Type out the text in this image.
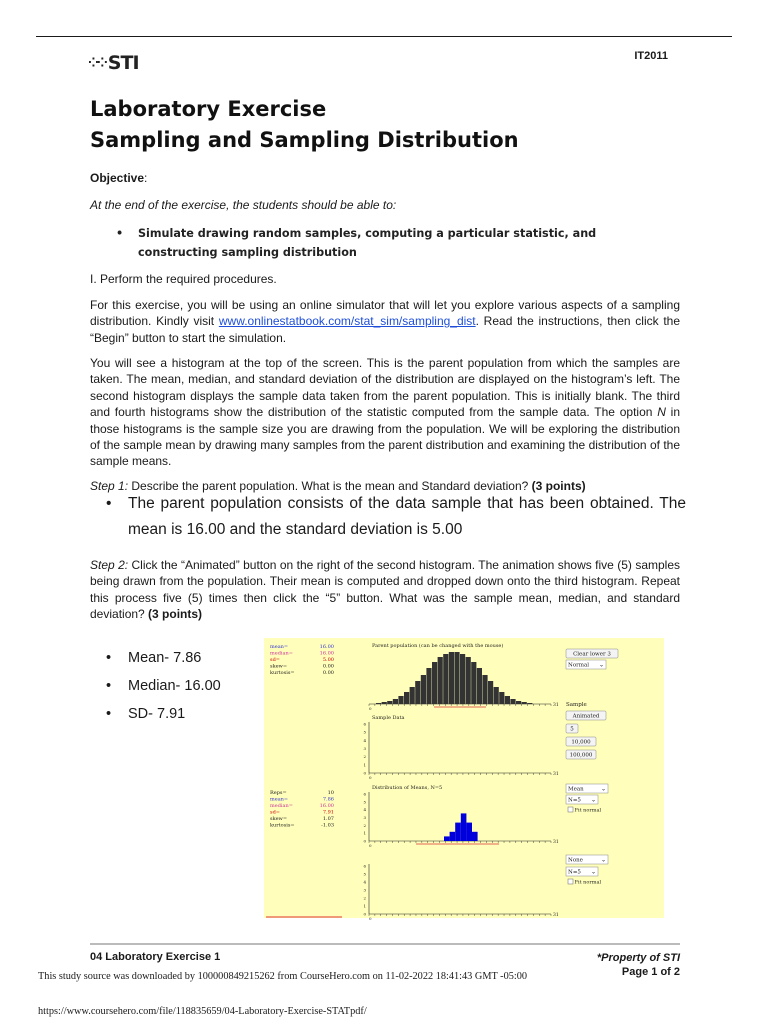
⁘⁘ STI	IT2011
Laboratory Exercise
Sampling and Sampling Distribution
Objective:
At the end of the exercise, the students should be able to:
•	Simulate drawing random samples, computing a particular statistic, and constructing sampling distribution
I. Perform the required procedures.
For this exercise, you will be using an online simulator that will let you explore various aspects of a sampling distribution. Kindly visit www.onlinestatbook.com/stat_sim/sampling_dist. Read the instructions, then click the “Begin” button to start the simulation.
You will see a histogram at the top of the screen. This is the parent population from which the samples are taken. The mean, median, and standard deviation of the distribution are displayed on the histogram’s left. The second histogram displays the sample data taken from the parent population. This is initially blank. The third and fourth histograms show the distribution of the statistic computed from the sample data. The option N in those histograms is the sample size you are drawing from the population. We will be exploring the distribution of the sample mean by drawing many samples from the parent distribution and examining the distribution of the sample means.
Step 1: Describe the parent population. What is the mean and Standard deviation? (3 points)
•	The parent population consists of the data sample that has been obtained. The mean is 16.00 and the standard deviation is 5.00
Step 2: Click the “Animated” button on the right of the second histogram. The animation shows five (5) samples being drawn from the population. Their mean is computed and dropped down onto the third histogram. Repeat this process five (5) times then click the “5” button. What was the sample mean, median, and standard deviation? (3 points)
•	Mean- 7.86
•	Median- 16.00
•	SD- 7.91
mean=	16.00
median=	16.00
sd=	5.00
skew=	0.00
kurtosis=	0.00
Reps=	10
mean=	7.86
median=	16.00
sd=	7.91
skew=	1.07
kurtosis=	-1.03
Parent population (can be changed with the mouse)
0
31
Sample Data
0
31
0
1
2
3
4
5
6
Distribution of Means, N=5
0
31
0
1
2
3
4
5
6
0
31
0
1
2
3
4
5
6
Clear lower 3
Normal ⌄
Sample
Animated
5
10,000
100,000
Mean	⌄
N=5 ⌄
Fit normal
None	⌄
N=5 ⌄
Fit normal
04 Laboratory Exercise 1	*Property of STI
Page 1 of 2
This study source was downloaded by 100000849215262 from CourseHero.com on 11-02-2022 18:41:43 GMT -05:00
https://www.coursehero.com/file/118835659/04-Laboratory-Exercise-STATpdf/
